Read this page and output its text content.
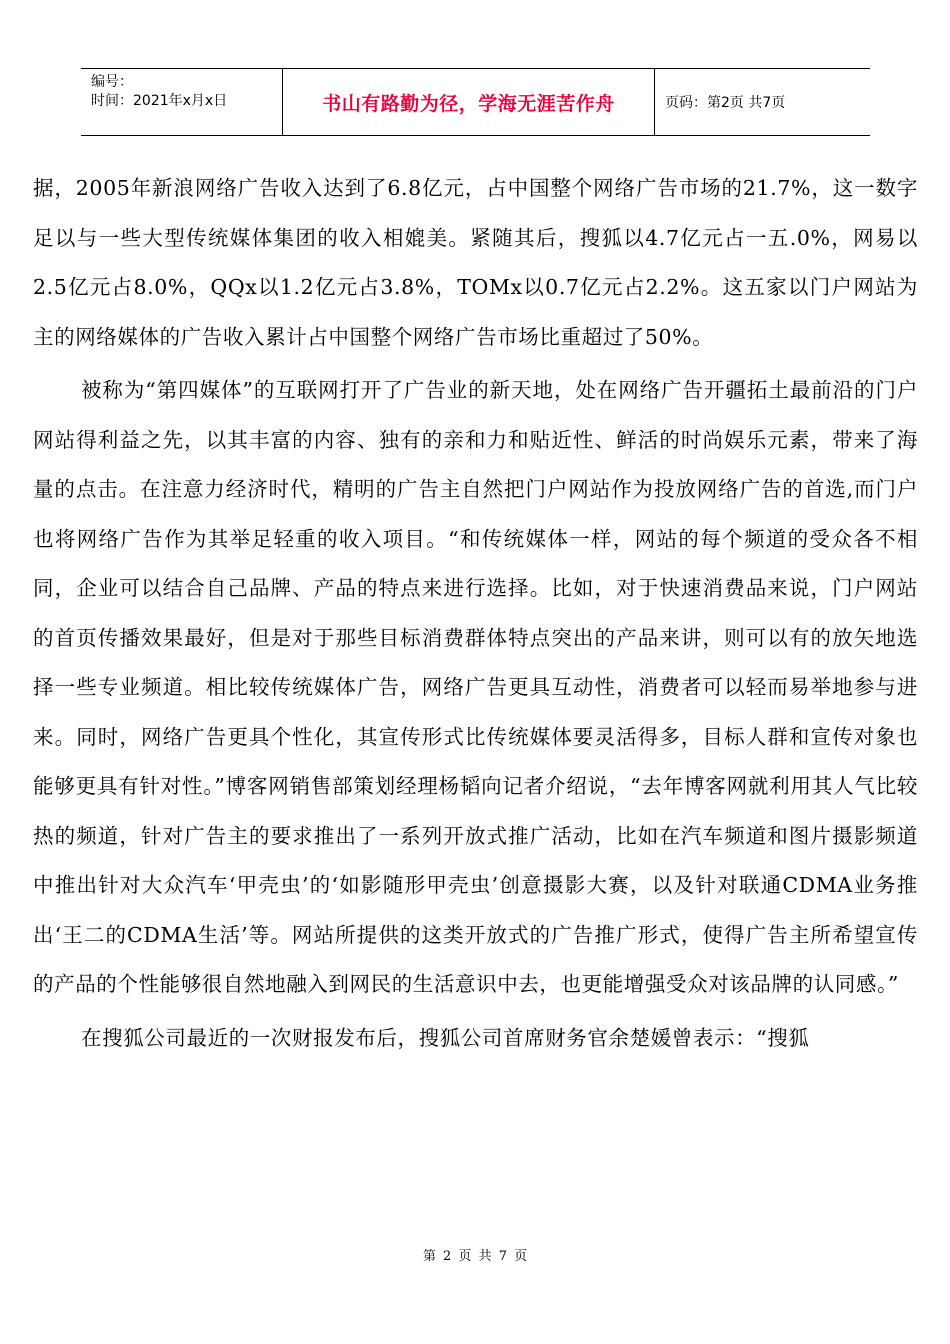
编号：
时间：2021年x月x日	书山有路勤为径，学海无涯苦作舟	页码：第2页 共7页

据，2005年新浪网络广告收入达到了6.8亿元，占中国整个网络广告市场的21.7%，这一数字足以与一些大型传统媒体集团的收入相媲美。紧随其后，搜狐以4.7亿元占一五.0%，网易以2.5亿元占8.0%，QQx以1.2亿元占3.8%，TOMx以0.7亿元占2.2%。这五家以门户网站为主的网络媒体的广告收入累计占中国整个网络广告市场比重超过了50%。

被称为“第四媒体”的互联网打开了广告业的新天地，处在网络广告开疆拓土最前沿的门户网站得利益之先，以其丰富的内容、独有的亲和力和贴近性、鲜活的时尚娱乐元素，带来了海量的点击。在注意力经济时代，精明的广告主自然把门户网站作为投放网络广告的首选,而门户也将网络广告作为其举足轻重的收入项目。“和传统媒体一样，网站的每个频道的受众各不相同，企业可以结合自己品牌、产品的特点来进行选择。比如，对于快速消费品来说，门户网站的首页传播效果最好，但是对于那些目标消费群体特点突出的产品来讲，则可以有的放矢地选择一些专业频道。相比较传统媒体广告，网络广告更具互动性，消费者可以轻而易举地参与进来。同时，网络广告更具个性化，其宣传形式比传统媒体要灵活得多，目标人群和宣传对象也能够更具有针对性。”博客网销售部策划经理杨韬向记者介绍说，“去年博客网就利用其人气比较热的频道，针对广告主的要求推出了一系列开放式推广活动，比如在汽车频道和图片摄影频道中推出针对大众汽车‘甲壳虫’的‘如影随形甲壳虫’创意摄影大赛，以及针对联通CDMA业务推出‘王二的CDMA生活’等。网站所提供的这类开放式的广告推广形式，使得广告主所希望宣传的产品的个性能够很自然地融入到网民的生活意识中去，也更能增强受众对该品牌的认同感。”

在搜狐公司最近的一次财报发布后，搜狐公司首席财务官余楚媛曾表示：“搜狐

第 2 页 共 7 页
